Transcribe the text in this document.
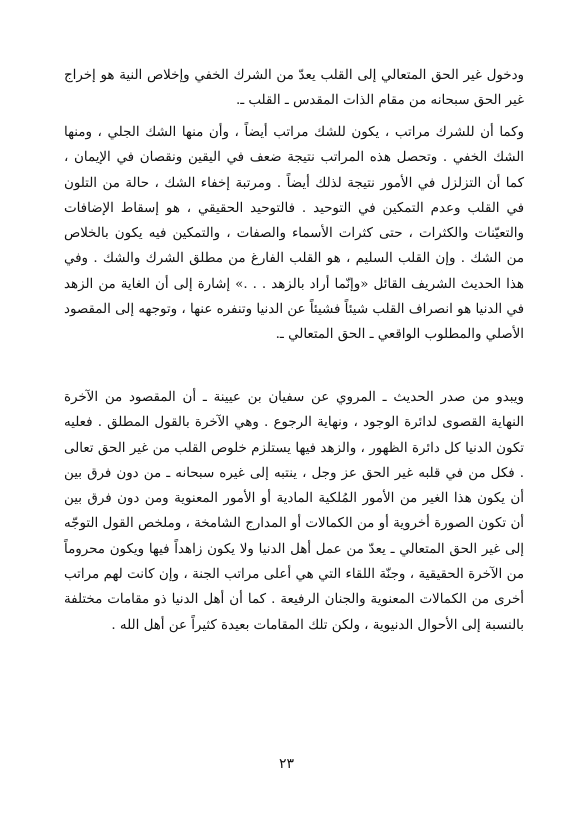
ودخول غير الحق المتعالي إلى القلب يعدّ من الشرك الخفي وإخلاص النية هو إخراج غير الحق سبحانه من مقام الذات المقدس ـ القلب ـ.

وكما أن للشرك مراتب ، يكون للشك مراتب أيضاً ، وأن منها الشك الجلي ، ومنها الشك الخفي . وتحصل هذه المراتب نتيجة ضعف في اليقين ونقصان في الإيمان ، كما أن التزلزل في الأمور نتيجة لذلك أيضاً . ومرتبة إخفاء الشك ، حالة من التلون في القلب وعدم التمكين في التوحيد . فالتوحيد الحقيقي ، هو إسقاط الإضافات والتعيّنات والكثرات ، حتى كثرات الأسماء والصفات ، والتمكين فيه يكون بالخلاص من الشك . وإن القلب السليم ، هو القلب الفارغ من مطلق الشرك والشك . وفي هذا الحديث الشريف القائل «وإنّما أراد بالزهد . . .» إشارة إلى أن الغاية من الزهد في الدنيا هو انصراف القلب شيئاً فشيئاً عن الدنيا وتنفره عنها ، وتوجهه إلى المقصود الأصلي والمطلوب الواقعي ـ الحق المتعالي ـ.

ويبدو من صدر الحديث ـ المروي عن سفيان بن عيينة ـ أن المقصود من الآخرة النهاية القصوى لدائرة الوجود ، ونهاية الرجوع . وهي الآخرة بالقول المطلق . فعليه تكون الدنيا كل دائرة الظهور ، والزهد فيها يستلزم خلوص القلب من غير الحق تعالى . فكل من في قلبه غير الحق عز وجل ، ينتبه إلى غيره سبحانه ـ من دون فرق بين أن يكون هذا الغير من الأمور المُلكية المادية أو الأمور المعنوية ومن دون فرق بين أن تكون الصورة أخروية أو من الكمالات أو المدارج الشامخة ، وملخص القول التوجّه إلى غير الحق المتعالي ـ يعدّ من عمل أهل الدنيا ولا يكون زاهداً فيها ويكون محروماً من الآخرة الحقيقية ، وجنّة اللقاء التي هي أعلى مراتب الجنة ، وإن كانت لهم مراتب أخرى من الكمالات المعنوية والجنان الرفيعة . كما أن أهل الدنيا ذو مقامات مختلفة بالنسبة إلى الأحوال الدنيوية ، ولكن تلك المقامات بعيدة كثيراً عن أهل الله .

٢٣
